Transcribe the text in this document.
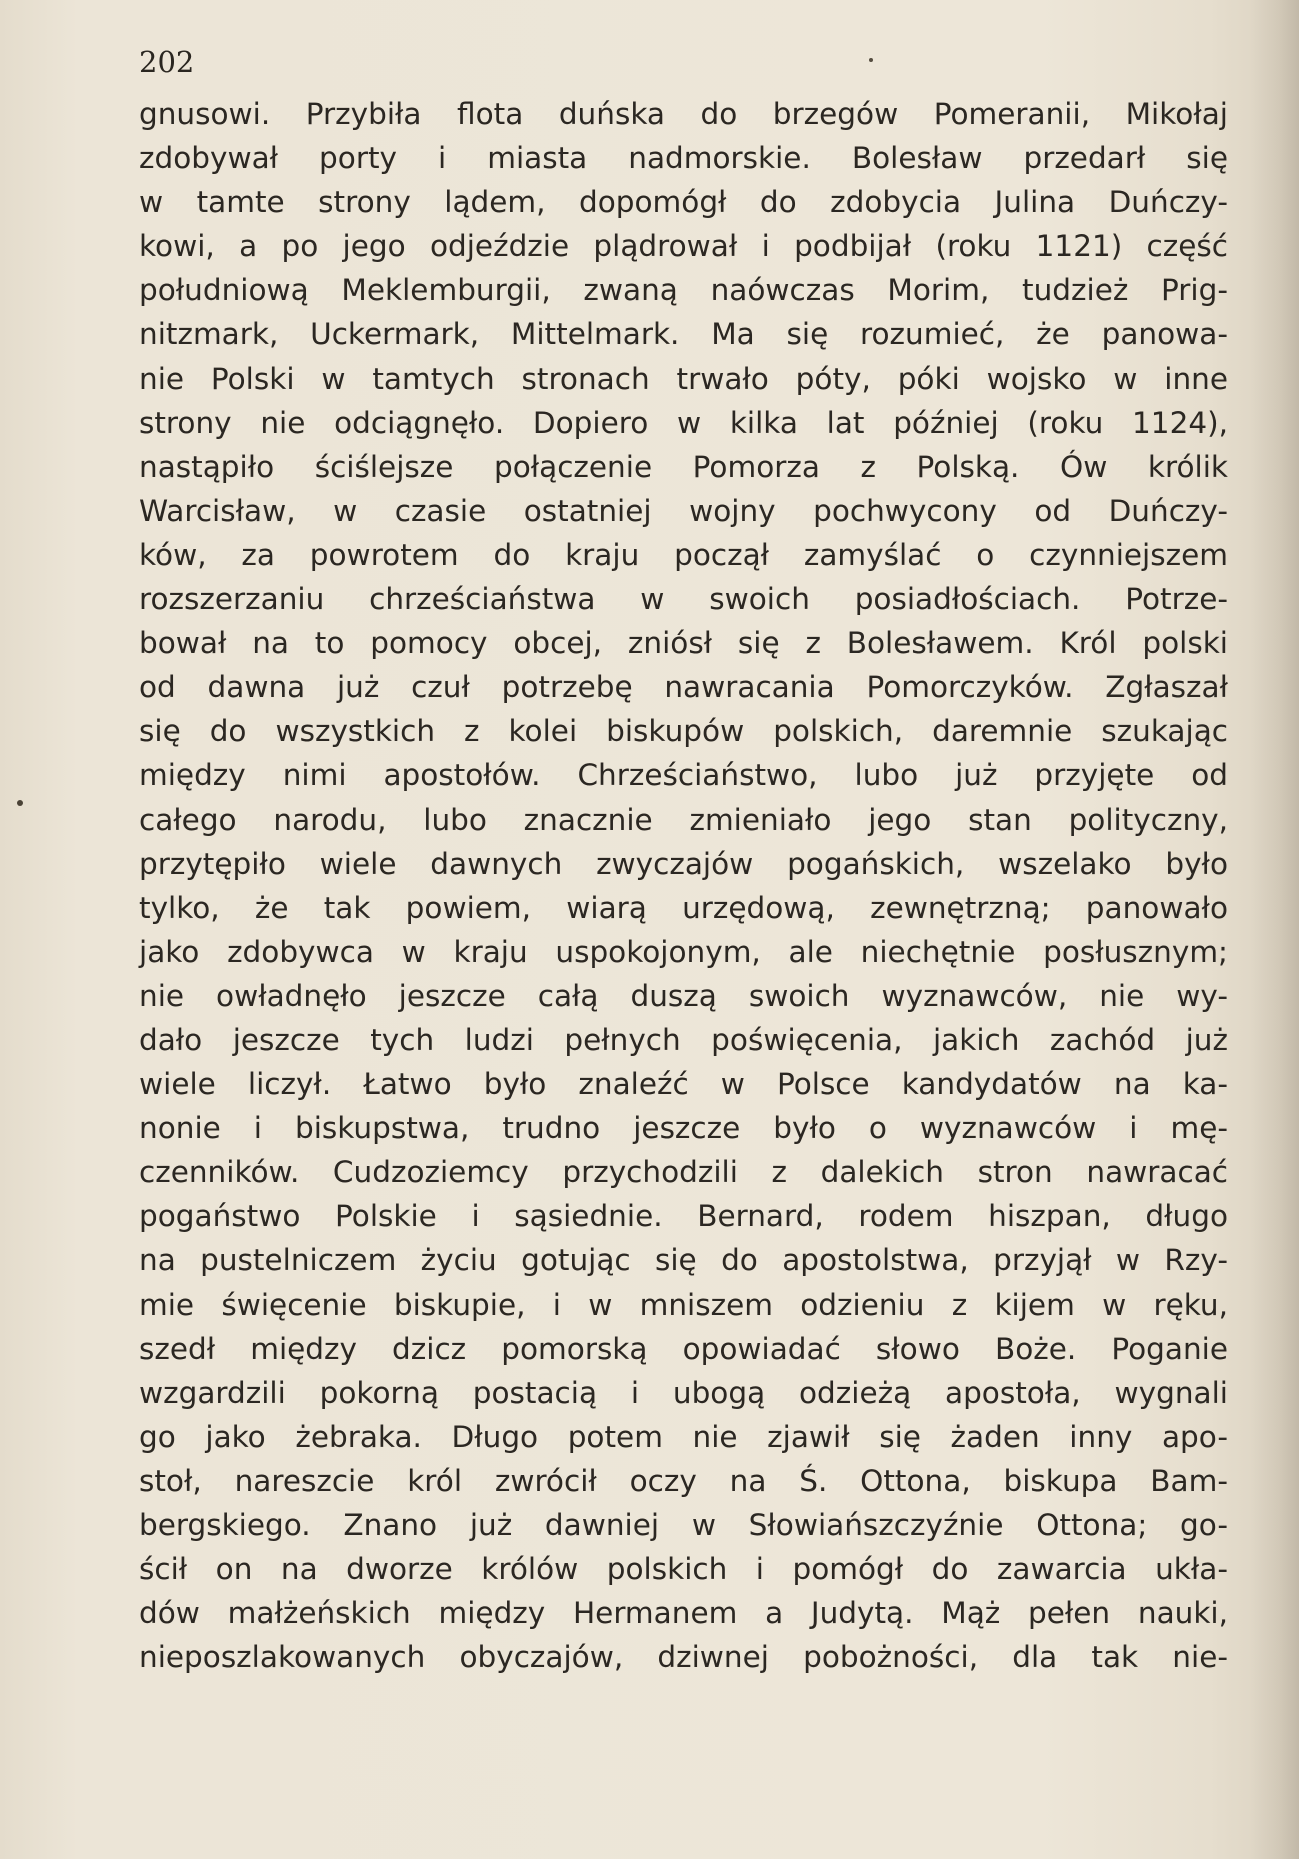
202

gnusowi. Przybiła flota duńska do brzegów Pomeranii, Mikołaj
zdobywał porty i miasta nadmorskie. Bolesław przedarł się
w tamte strony lądem, dopomógł do zdobycia Julina Duńczy-
kowi, a po jego odjeździe plądrował i podbijał (roku 1121) część
południową Meklemburgii, zwaną naówczas Morim, tudzież Prig-
nitzmark, Uckermark, Mittelmark. Ma się rozumieć, że panowa-
nie Polski w tamtych stronach trwało póty, póki wojsko w inne
strony nie odciągnęło. Dopiero w kilka lat później (roku 1124),
nastąpiło ściślejsze połączenie Pomorza z Polską. Ów królik
Warcisław, w czasie ostatniej wojny pochwycony od Duńczy-
ków, za powrotem do kraju począł zamyślać o czynniejszem
rozszerzaniu chrześciaństwa w swoich posiadłościach. Potrze-
bował na to pomocy obcej, zniósł się z Bolesławem. Król polski
od dawna już czuł potrzebę nawracania Pomorczyków. Zgłaszał
się do wszystkich z kolei biskupów polskich, daremnie szukając
między nimi apostołów. Chrześciaństwo, lubo już przyjęte od
całego narodu, lubo znacznie zmieniało jego stan polityczny,
przytępiło wiele dawnych zwyczajów pogańskich, wszelako było
tylko, że tak powiem, wiarą urzędową, zewnętrzną; panowało
jako zdobywca w kraju uspokojonym, ale niechętnie posłusznym;
nie owładnęło jeszcze całą duszą swoich wyznawców, nie wy-
dało jeszcze tych ludzi pełnych poświęcenia, jakich zachód już
wiele liczył. Łatwo było znaleźć w Polsce kandydatów na ka-
nonie i biskupstwa, trudno jeszcze było o wyznawców i mę-
czenników. Cudzoziemcy przychodzili z dalekich stron nawracać
pogaństwo Polskie i sąsiednie. Bernard, rodem hiszpan, długo
na pustelniczem życiu gotując się do apostolstwa, przyjął w Rzy-
mie święcenie biskupie, i w mniszem odzieniu z kijem w ręku,
szedł między dzicz pomorską opowiadać słowo Boże. Poganie
wzgardzili pokorną postacią i ubogą odzieżą apostoła, wygnali
go jako żebraka. Długo potem nie zjawił się żaden inny apo-
stoł, nareszcie król zwrócił oczy na Ś. Ottona, biskupa Bam-
bergskiego. Znano już dawniej w Słowiańszczyźnie Ottona; go-
ścił on na dworze królów polskich i pomógł do zawarcia ukła-
dów małżeńskich między Hermanem a Judytą. Mąż pełen nauki,
nieposzlakowanych obyczajów, dziwnej pobożności, dla tak nie-
